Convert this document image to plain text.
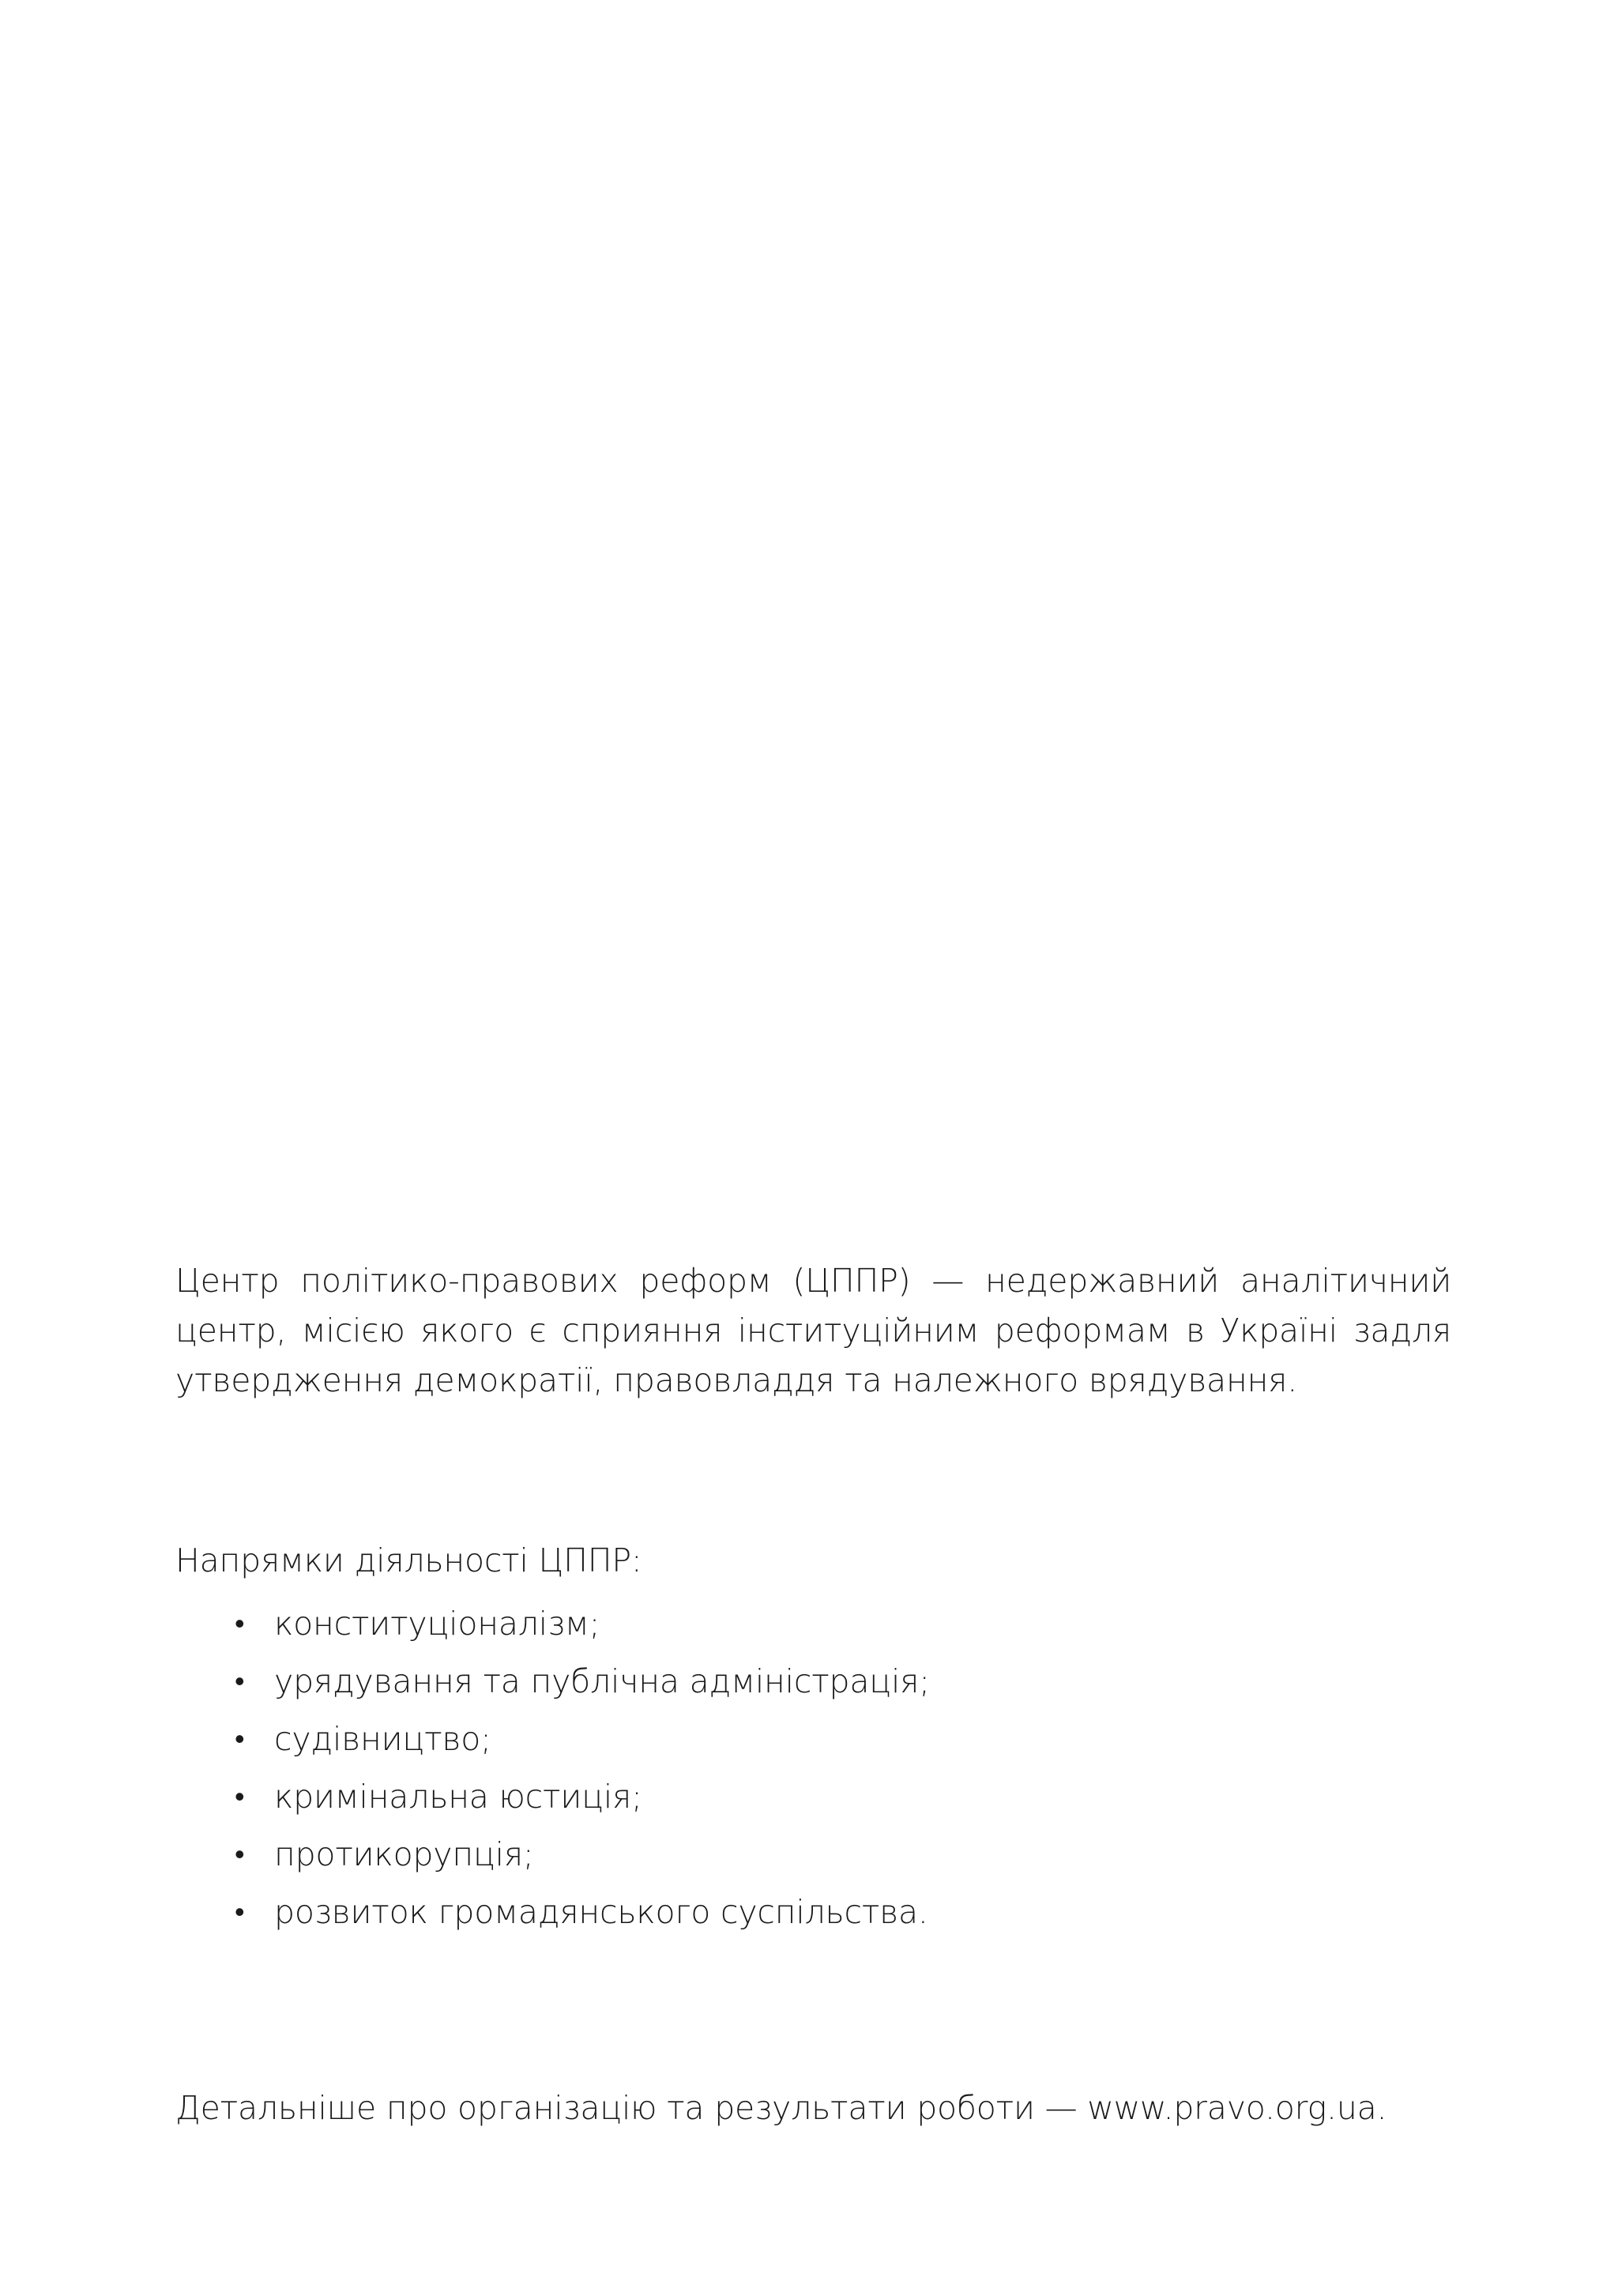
Центр політико-правових реформ (ЦППР) — недержавний аналітичний центр, місією якого є сприяння інституційним реформам в Україні задля утвердження демократії, правовладдя та належного врядування.

Напрямки діяльності ЦППР:

• конституціоналізм;
• урядування та публічна адміністрація;
• судівництво;
• кримінальна юстиція;
• протикорупція;
• розвиток громадянського суспільства.

Детальніше про організацію та результати роботи — www.pravo.org.ua.
